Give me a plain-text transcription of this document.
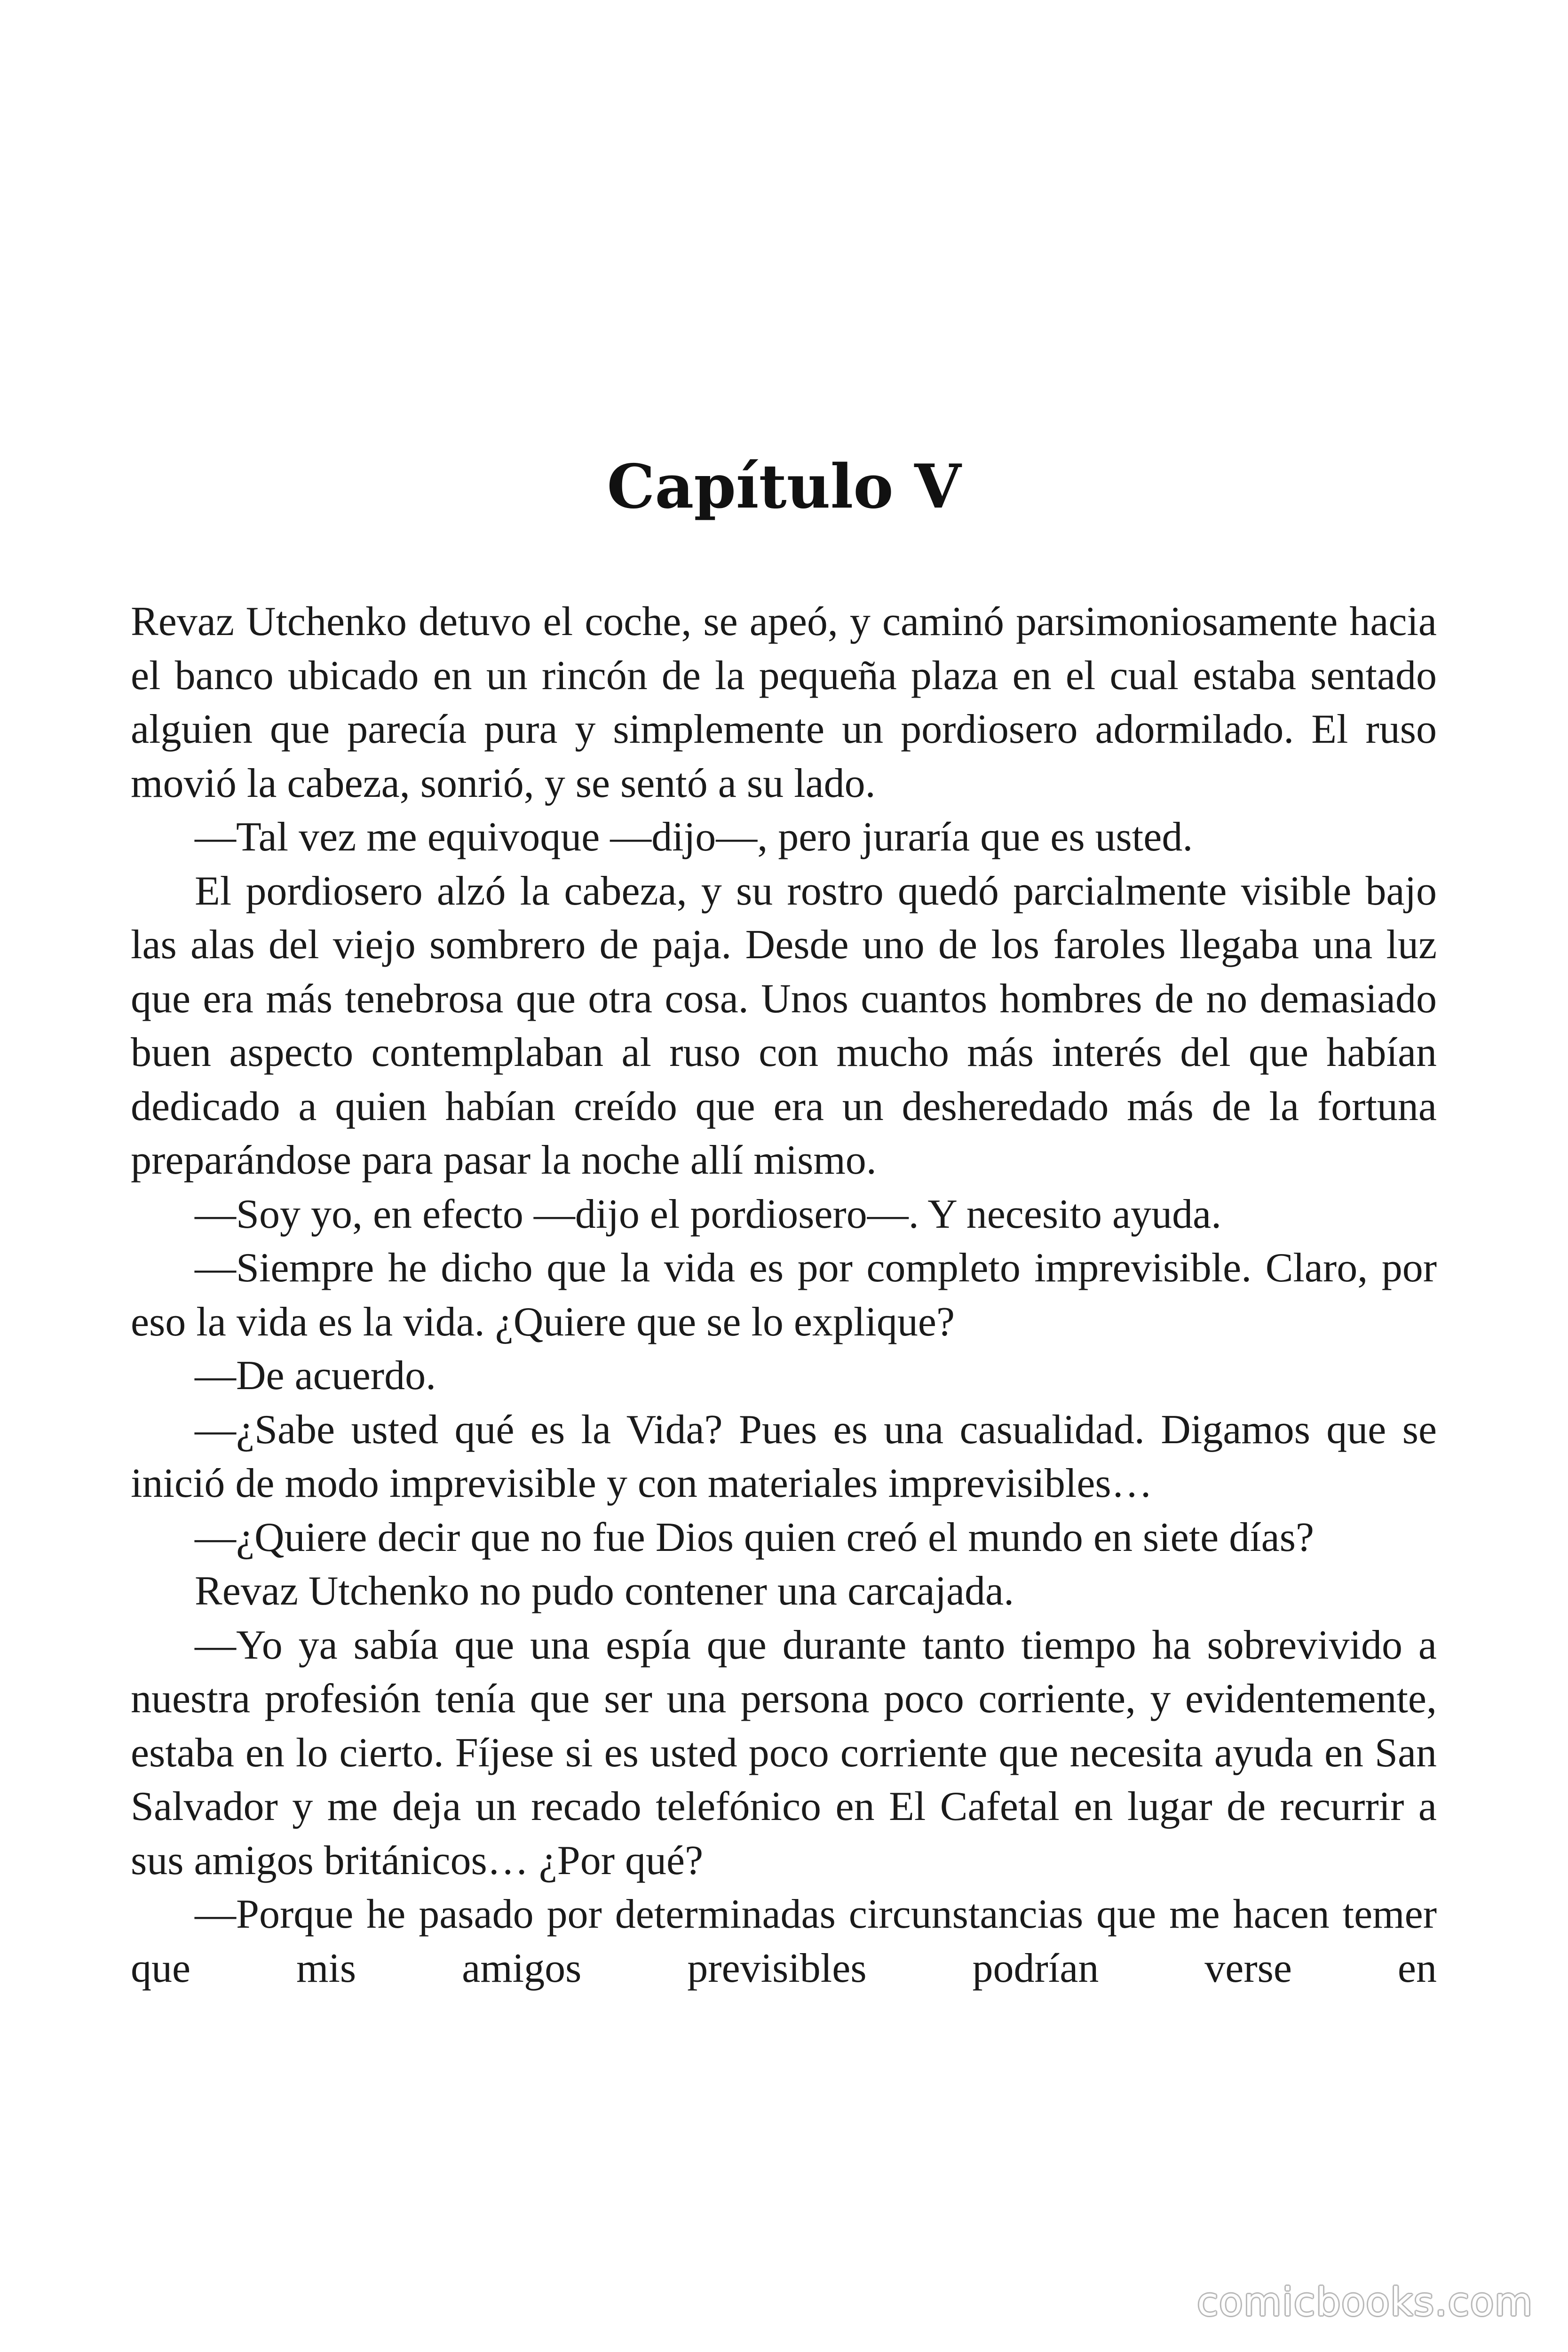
Capítulo V

Revaz Utchenko detuvo el coche, se apeó, y caminó parsimoniosamente hacia el banco ubicado en un rincón de la pequeña plaza en el cual estaba sentado alguien que parecía pura y simplemente un pordiosero adormilado. El ruso movió la cabeza, sonrió, y se sentó a su lado.

—Tal vez me equivoque —dijo—, pero juraría que es usted.

El pordiosero alzó la cabeza, y su rostro quedó parcialmente visible bajo las alas del viejo sombrero de paja. Desde uno de los faroles llegaba una luz que era más tenebrosa que otra cosa. Unos cuantos hombres de no demasiado buen aspecto contemplaban al ruso con mucho más interés del que habían dedicado a quien habían creído que era un desheredado más de la fortuna preparándose para pasar la noche allí mismo.

—Soy yo, en efecto —dijo el pordiosero—. Y necesito ayuda.

—Siempre he dicho que la vida es por completo imprevisible. Claro, por eso la vida es la vida. ¿Quiere que se lo explique?

—De acuerdo.

—¿Sabe usted qué es la Vida? Pues es una casualidad. Digamos que se inició de modo imprevisible y con materiales imprevisibles…

—¿Quiere decir que no fue Dios quien creó el mundo en siete días?

Revaz Utchenko no pudo contener una carcajada.

—Yo ya sabía que una espía que durante tanto tiempo ha sobrevivido a nuestra profesión tenía que ser una persona poco corriente, y evidentemente, estaba en lo cierto. Fíjese si es usted poco corriente que necesita ayuda en San Salvador y me deja un recado telefónico en El Cafetal en lugar de recurrir a sus amigos británicos… ¿Por qué?

—Porque he pasado por determinadas circunstancias que me hacen temer que mis amigos previsibles podrían verse en

comicbooks.com
